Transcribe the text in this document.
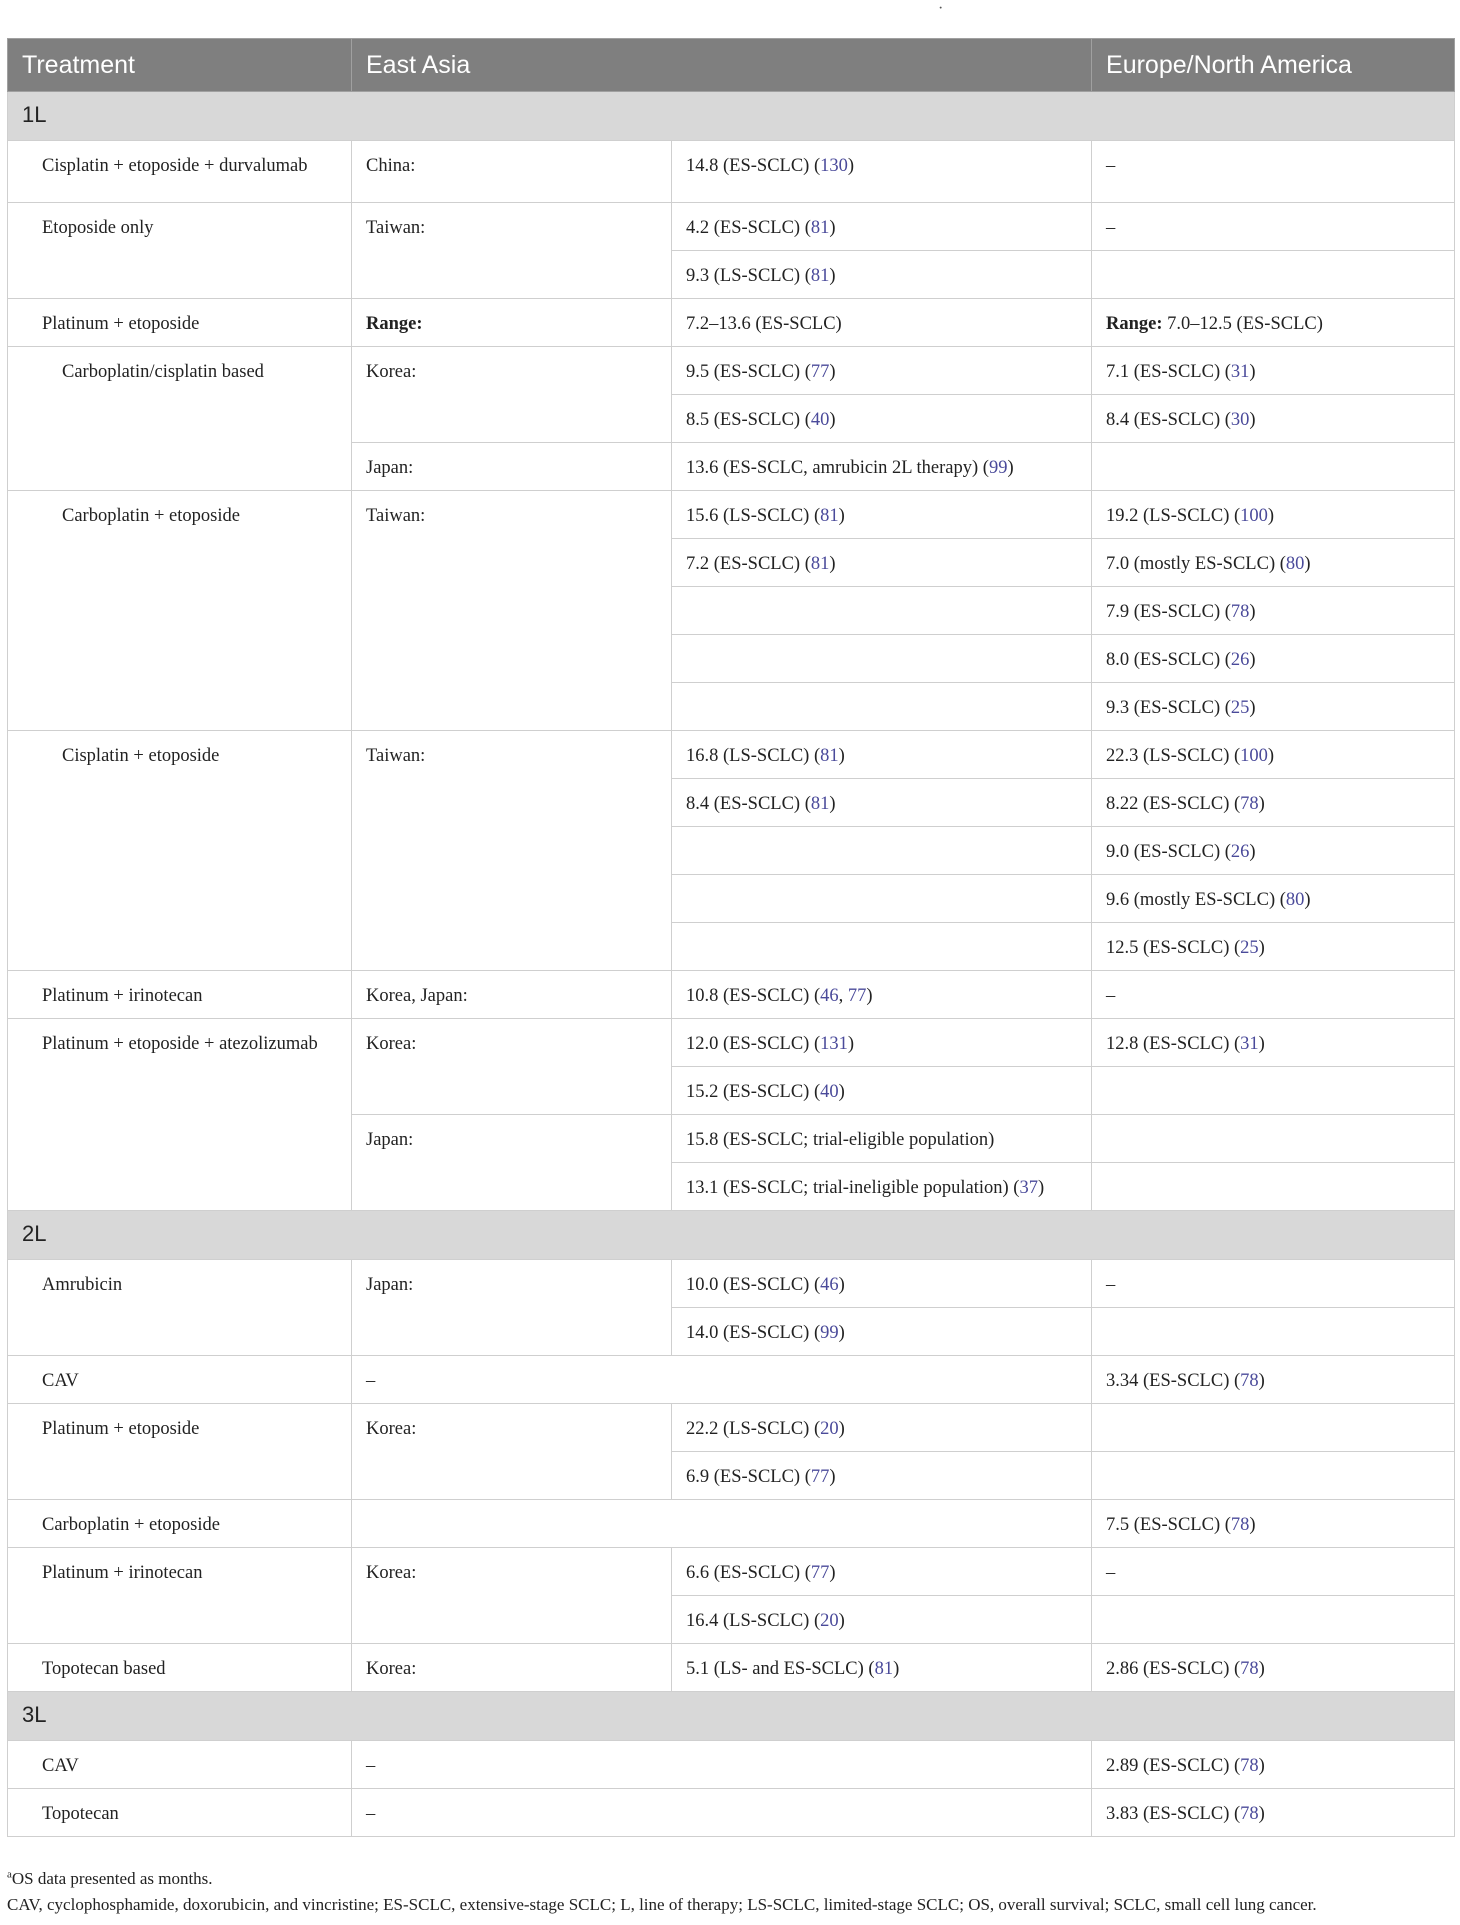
·
Treatment	East Asia		Europe/North America
1L			
Cisplatin + etoposide + durvalumab	China:	14.8 (ES-SCLC) (130)	–
Etoposide only	Taiwan:	4.2 (ES-SCLC) (81)	–
		9.3 (LS-SCLC) (81)	
Platinum + etoposide	Range:	7.2–13.6 (ES-SCLC)	Range: 7.0–12.5 (ES-SCLC)
Carboplatin/cisplatin based	Korea:	9.5 (ES-SCLC) (77)	7.1 (ES-SCLC) (31)
		8.5 (ES-SCLC) (40)	8.4 (ES-SCLC) (30)
	Japan:	13.6 (ES-SCLC, amrubicin 2L therapy) (99)	
Carboplatin + etoposide	Taiwan:	15.6 (LS-SCLC) (81)	19.2 (LS-SCLC) (100)
		7.2 (ES-SCLC) (81)	7.0 (mostly ES-SCLC) (80)
			7.9 (ES-SCLC) (78)
			8.0 (ES-SCLC) (26)
			9.3 (ES-SCLC) (25)
Cisplatin + etoposide	Taiwan:	16.8 (LS-SCLC) (81)	22.3 (LS-SCLC) (100)
		8.4 (ES-SCLC) (81)	8.22 (ES-SCLC) (78)
			9.0 (ES-SCLC) (26)
			9.6 (mostly ES-SCLC) (80)
			12.5 (ES-SCLC) (25)
Platinum + irinotecan	Korea, Japan:	10.8 (ES-SCLC) (46, 77)	–
Platinum + etoposide + atezolizumab	Korea:	12.0 (ES-SCLC) (131)	12.8 (ES-SCLC) (31)
		15.2 (ES-SCLC) (40)	
	Japan:	15.8 (ES-SCLC; trial-eligible population)	
		13.1 (ES-SCLC; trial-ineligible population) (37)	
2L			
Amrubicin	Japan:	10.0 (ES-SCLC) (46)	–
		14.0 (ES-SCLC) (99)	
CAV	–		3.34 (ES-SCLC) (78)
Platinum + etoposide	Korea:	22.2 (LS-SCLC) (20)	
		6.9 (ES-SCLC) (77)	
Carboplatin + etoposide			7.5 (ES-SCLC) (78)
Platinum + irinotecan	Korea:	6.6 (ES-SCLC) (77)	–
		16.4 (LS-SCLC) (20)	
Topotecan based	Korea:	5.1 (LS- and ES-SCLC) (81)	2.86 (ES-SCLC) (78)
3L			
CAV	–		2.89 (ES-SCLC) (78)
Topotecan	–		3.83 (ES-SCLC) (78)
$^a$OS data presented as months.
CAV, cyclophosphamide, doxorubicin, and vincristine; ES-SCLC, extensive-stage SCLC; L, line of therapy; LS-SCLC, limited-stage SCLC; OS, overall survival; SCLC, small cell lung cancer.
